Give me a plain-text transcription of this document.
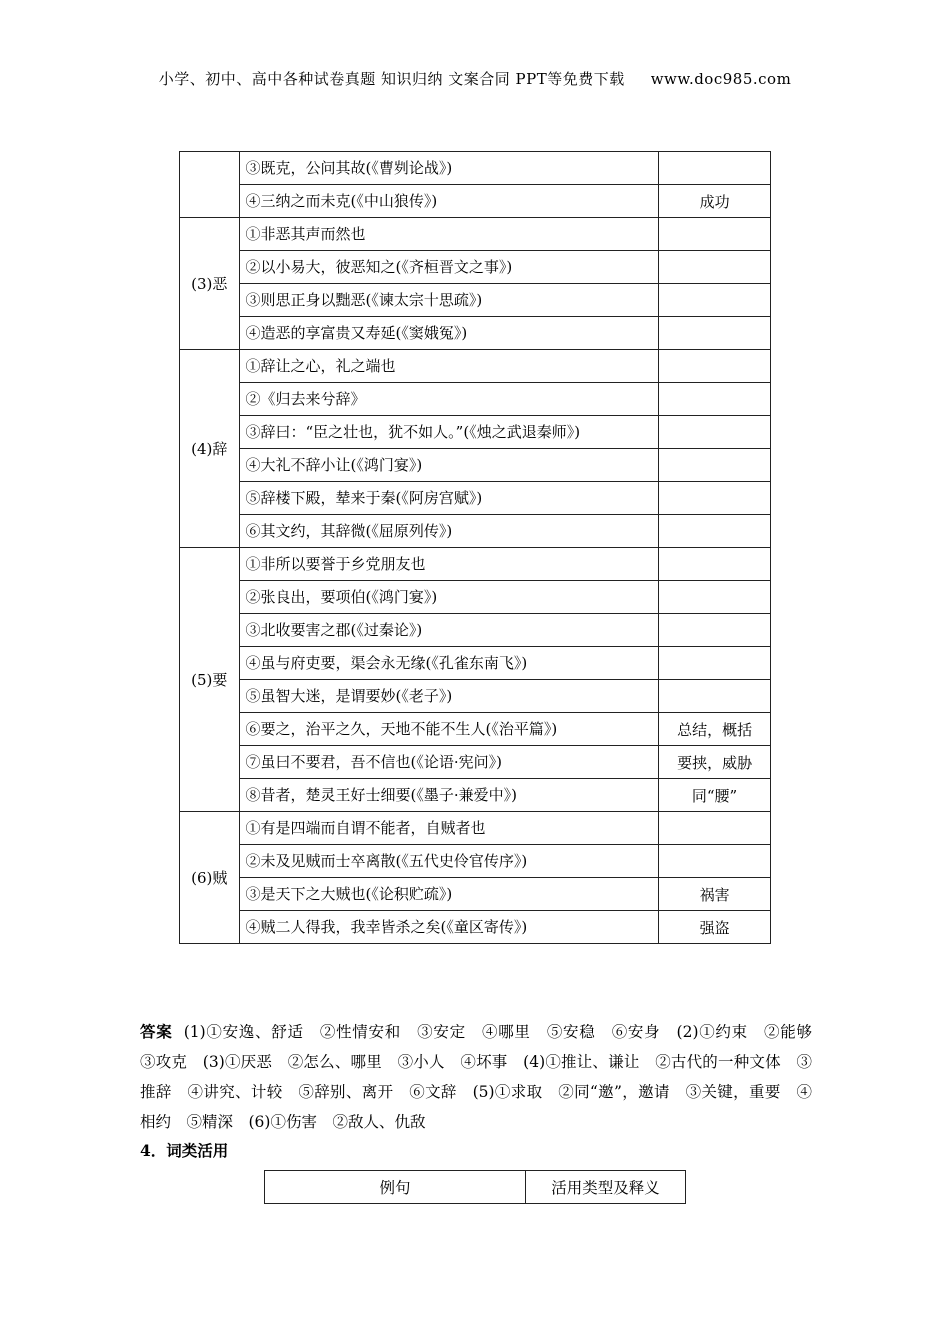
小学、初中、高中各种试卷真题 知识归纳 文案合同 PPT等免费下载 www.doc985.com
	③既克，公问其故(《曹刿论战》)	
	④三纳之而未克(《中山狼传》)	成功
(3)恶	①非恶其声而然也	
	②以小易大，彼恶知之(《齐桓晋文之事》)	
	③则思正身以黜恶(《谏太宗十思疏》)	
	④造恶的享富贵又寿延(《窦娥冤》)	
(4)辞	①辞让之心，礼之端也	
	②《归去来兮辞》	
	③辞曰：“臣之壮也，犹不如人。”(《烛之武退秦师》)	
	④大礼不辞小让(《鸿门宴》)	
	⑤辞楼下殿，辇来于秦(《阿房宫赋》)	
	⑥其文约，其辞微(《屈原列传》)	
(5)要	①非所以要誉于乡党朋友也	
	②张良出，要项伯(《鸿门宴》)	
	③北收要害之郡(《过秦论》)	
	④虽与府吏要，渠会永无缘(《孔雀东南飞》)	
	⑤虽智大迷，是谓要妙(《老子》)	
	⑥要之，治平之久，天地不能不生人(《治平篇》)	总结，概括
	⑦虽曰不要君，吾不信也(《论语·宪问》)	要挟，威胁
	⑧昔者，楚灵王好士细要(《墨子·兼爱中》)	同“腰”
(6)贼	①有是四端而自谓不能者，自贼者也	
	②未及见贼而士卒离散(《五代史伶官传序》)	
	③是天下之大贼也(《论积贮疏》)	祸害
	④贼二人得我，我幸皆杀之矣(《童区寄传》)	强盗
答案 (1)①安逸、舒适　②性情安和　③安定　④哪里　⑤安稳　⑥安身　(2)①约束　②能够　③攻克　(3)①厌恶　②怎么、哪里　③小人　④坏事　(4)①推让、谦让　②古代的一种文体　③推辞　④讲究、计较　⑤辞别、离开　⑥文辞　(5)①求取　②同“邀”，邀请　③关键，重要　④相约　⑤精深　(6)①伤害　②敌人、仇敌
4．词类活用
例句	活用类型及释义
